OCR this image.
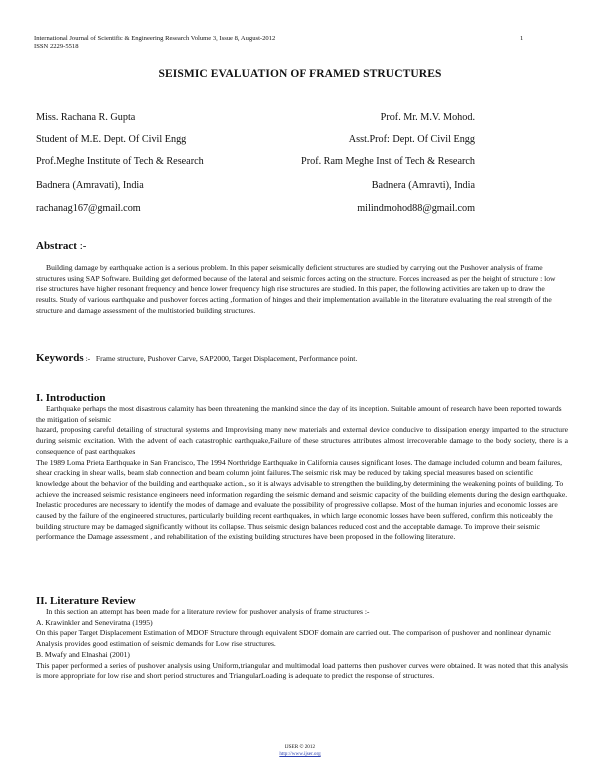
International Journal of Scientific & Engineering Research Volume 3, Issue 8, August-2012
ISSN 2229-5518
1
SEISMIC EVALUATION OF FRAMED STRUCTURES
Miss. Rachana R. Gupta
Student of M.E. Dept. Of Civil Engg
Prof.Meghe Institute of Tech & Research
Badnera (Amravati), India
rachanag167@gmail.com
Prof. Mr. M.V. Mohod.
Asst.Prof: Dept. Of Civil Engg
Prof. Ram Meghe Inst of Tech & Research
Badnera (Amravti), India
milindmohod88@gmail.com
Abstract :-

Building damage by earthquake action is a serious problem. In this paper seismically deficient structures are studied by carrying out the Pushover analysis of frame structures using SAP Software. Building get deformed because of the lateral and seismic forces acting on the structure. Forces increased as per the height of structure : low rise structures have higher resonant frequency and hence lower frequency high rise structures are studied. In this paper, the following activities are taken up to draw the results. Study of various earthquake and pushover forces acting ,formation of hinges and their implementation available in the literature evaluating the real strength of the structure and damage assessment of the multistoried building structures.

Keywords :- Frame structure, Pushover Carve, SAP2000, Target Displacement, Performance point.
I. Introduction

Earthquake perhaps the most disastrous calamity has been threatening the mankind since the day of its inception. Suitable amount of research have been reported towards the mitigation of seismic

hazard, proposing careful detailing of structural systems and Improvising many new materials and external device conducive to dissipation energy imparted to the structure during seismic excitation. With the advent of each catastrophic earthquake,Failure of these structures attributes almost irrecoverable damage to the body society, there is a consequence of past earthquakes

The 1989 Loma Prieta Earthquake in San Francisco, The 1994 Northridge Earthquake in California causes significant loses. The damage included column and beam failures, shear cracking in shear walls, beam slab connection and beam column joint failures.The seismic risk may be reduced by taking special measures based on scientific knowledge about the behavior of the building and earthquake action., so it is always advisable to strengthen the building,by determining the weakening points of building. To achieve the increased seismic resistance engineers need information regarding the seismic demand and seismic capacity of the building elements during the design earthquake. Inelastic procedures are necessary to identify the modes of damage and evaluate the possibility of progressive collapse. Most of the human injuries and economic losses are caused by the failure of the engineered structures, particularly building recent earthquakes, in which large economic losses have been suffered, confirm this noticeably the building structure may be damaged significantly without its collapse. Thus seismic design balances reduced cost and the acceptable damage. To improve their seismic performance the Damage assessment , and rehabilitation of the existing building structures have been proposed in the following literature.

II. Literature Review

In this section an attempt has been made for a literature review for pushover analysis of frame structures :-

A. Krawinkler and Seneviratna (1995)

On this paper Target Displacement Estimation of MDOF Structure through equivalent SDOF domain are carried out. The comparison of pushover and nonlinear dynamic

Analysis provides good estimation of seismic demands for Low rise structures.

B. Mwafy and Elnashai (2001)

This paper performed a series of pushover analysis using Uniform,triangular and multimodal load patterns then pushover curves were obtained. It was noted that this analysis is more appropriate for low rise and short period structures and TriangularLoading is adequate to predict the response of structures.

IJSER © 2012
http://www.ijser.org
